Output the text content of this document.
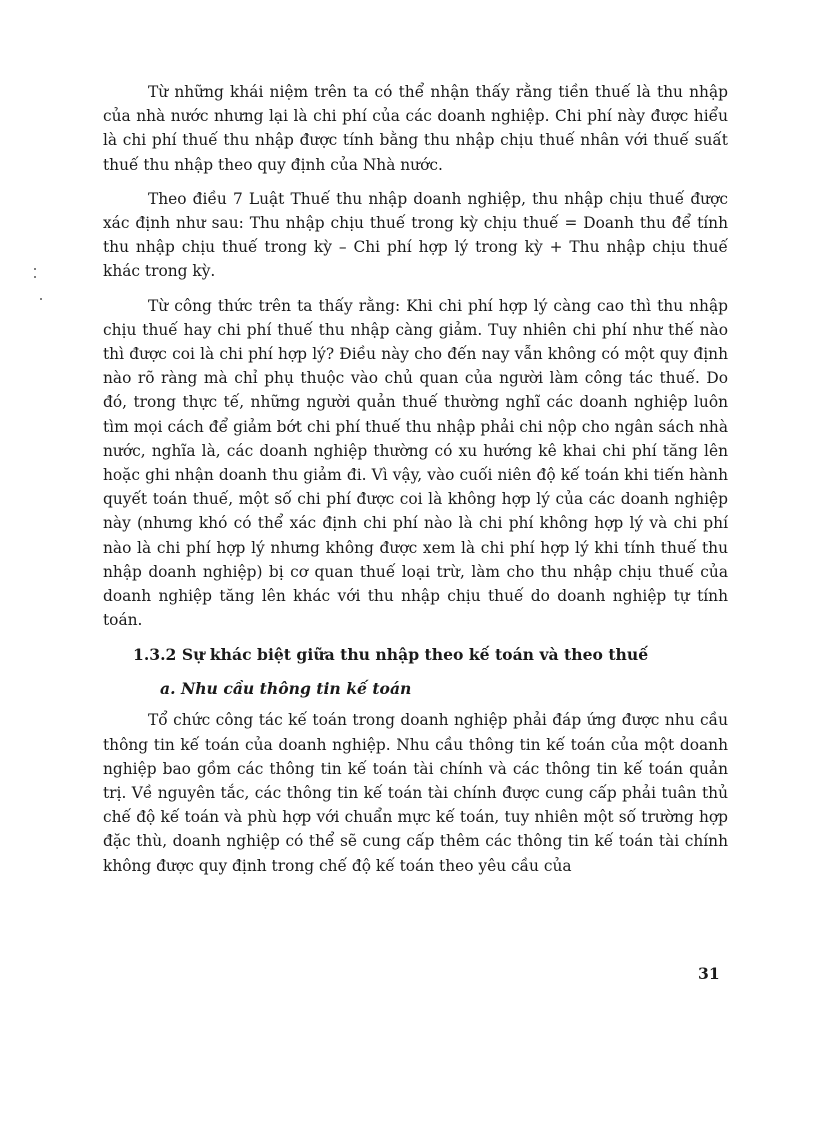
Từ những khái niệm trên ta có thể nhận thấy rằng tiền thuế là thu nhập của nhà nước nhưng lại là chi phí của các doanh nghiệp. Chi phí này được hiểu là chi phí thuế thu nhập được tính bằng thu nhập chịu thuế nhân với thuế suất thuế thu nhập theo quy định của Nhà nước.

Theo điều 7 Luật Thuế thu nhập doanh nghiệp, thu nhập chịu thuế được xác định như sau: Thu nhập chịu thuế trong kỳ chịu thuế = Doanh thu để tính thu nhập chịu thuế trong kỳ – Chi phí hợp lý trong kỳ + Thu nhập chịu thuế khác trong kỳ.

Từ công thức trên ta thấy rằng: Khi chi phí hợp lý càng cao thì thu nhập chịu thuế hay chi phí thuế thu nhập càng giảm. Tuy nhiên chi phí như thế nào thì được coi là chi phí hợp lý? Điều này cho đến nay vẫn không có một quy định nào rõ ràng mà chỉ phụ thuộc vào chủ quan của người làm công tác thuế. Do đó, trong thực tế, những người quản thuế thường nghĩ các doanh nghiệp luôn tìm mọi cách để giảm bớt chi phí thuế thu nhập phải chi nộp cho ngân sách nhà nước, nghĩa là, các doanh nghiệp thường có xu hướng kê khai chi phí tăng lên hoặc ghi nhận doanh thu giảm đi. Vì vậy, vào cuối niên độ kế toán khi tiến hành quyết toán thuế, một số chi phí được coi là không hợp lý của các doanh nghiệp này (nhưng khó có thể xác định chi phí nào là chi phí không hợp lý và chi phí nào là chi phí hợp lý nhưng không được xem là chi phí hợp lý khi tính thuế thu nhập doanh nghiệp) bị cơ quan thuế loại trừ, làm cho thu nhập chịu thuế của doanh nghiệp tăng lên khác với thu nhập chịu thuế do doanh nghiệp tự tính toán.

1.3.2 Sự khác biệt giữa thu nhập theo kế toán và theo thuế
a. Nhu cầu thông tin kế toán

Tổ chức công tác kế toán trong doanh nghiệp phải đáp ứng được nhu cầu thông tin kế toán của doanh nghiệp. Nhu cầu thông tin kế toán của một doanh nghiệp bao gồm các thông tin kế toán tài chính và các thông tin kế toán quản trị. Về nguyên tắc, các thông tin kế toán tài chính được cung cấp phải tuân thủ chế độ kế toán và phù hợp với chuẩn mực kế toán, tuy nhiên một số trường hợp đặc thù, doanh nghiệp có thể sẽ cung cấp thêm các thông tin kế toán tài chính không được quy định trong chế độ kế toán theo yêu cầu của

31
